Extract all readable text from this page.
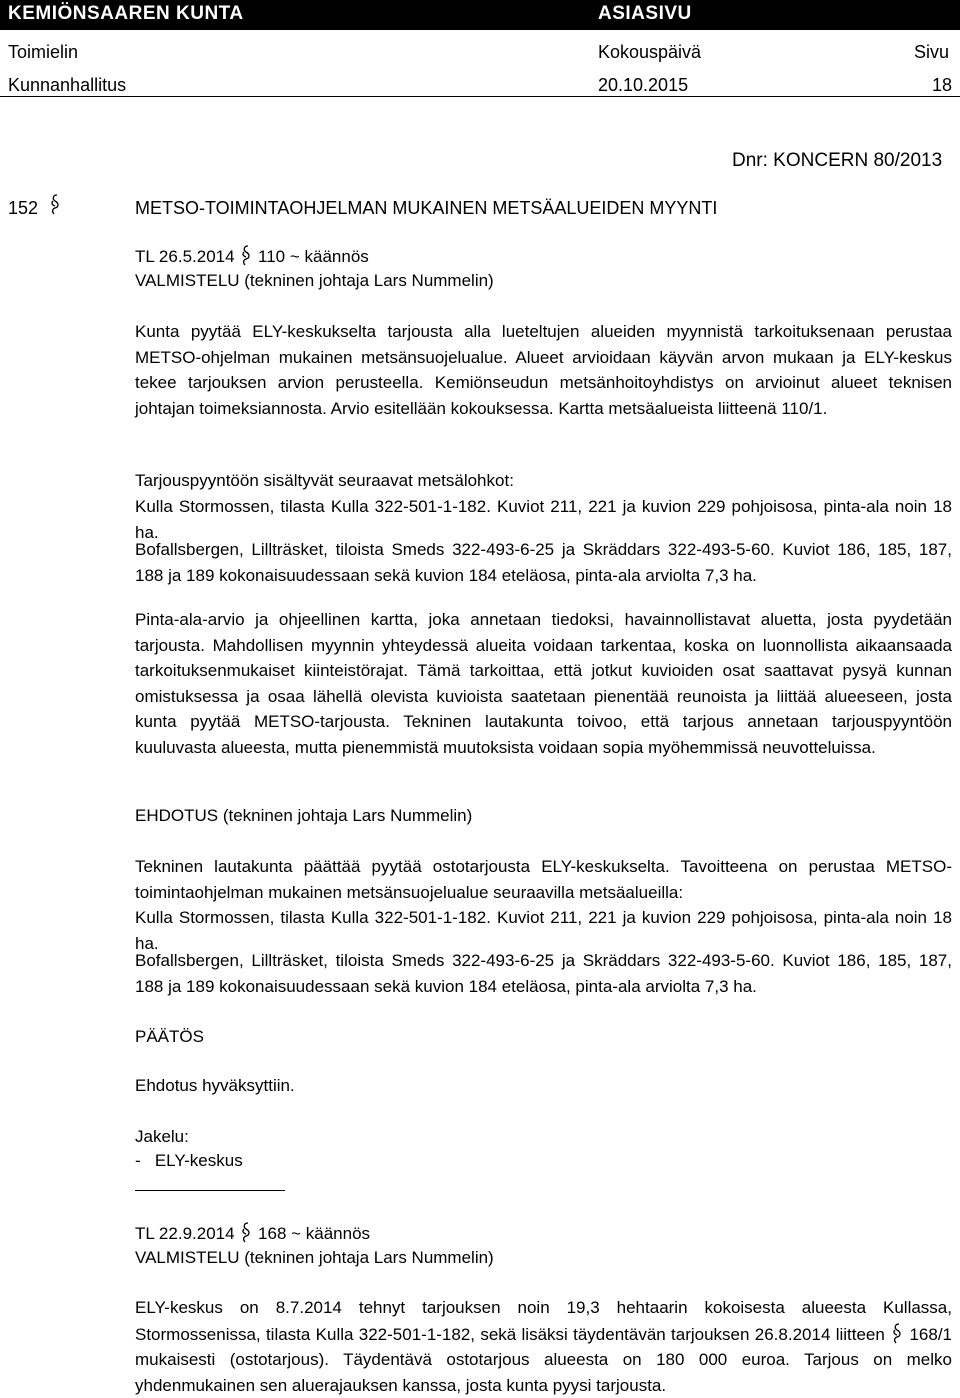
KEMIÖNSAAREN KUNTA	ASIASIVU
Toimielin	Kokouspäivä	Sivu
Kunnanhallitus	20.10.2015	18
Dnr: KONCERN 80/2013
152	METSO-TOIMINTAOHJELMAN MUKAINEN METSÄALUEIDEN MYYNTI
TL 26.5.2014 110 ~ käännös
VALMISTELU (tekninen johtaja Lars Nummelin)

Kunta pyytää ELY-keskukselta tarjousta alla lueteltujen alueiden myynnistä tarkoituksenaan perustaa METSO-ohjelman mukainen metsänsuojelualue. Alueet arvioidaan käyvän arvon mukaan ja ELY-keskus tekee tarjouksen arvion perusteella. Kemiönseudun metsänhoitoyhdistys on arvioinut alueet teknisen johtajan toimeksiannosta. Arvio esitellään kokouksessa. Kartta metsäalueista liitteenä 110/1.

Tarjouspyyntöön sisältyvät seuraavat metsälohkot:

Kulla Stormossen, tilasta Kulla 322-501-1-182. Kuviot 211, 221 ja kuvion 229 pohjoisosa, pinta-ala noin 18 ha.

Bofallsbergen, Lillträsket, tiloista Smeds 322-493-6-25 ja Skräddars 322-493-5-60. Kuviot 186, 185, 187, 188 ja 189 kokonaisuudessaan sekä kuvion 184 eteläosa, pinta-ala arviolta 7,3 ha.

Pinta-ala-arvio ja ohjeellinen kartta, joka annetaan tiedoksi, havainnollistavat aluetta, josta pyydetään tarjousta. Mahdollisen myynnin yhteydessä alueita voidaan tarkentaa, koska on luonnollista aikaansaada tarkoituksenmukaiset kiinteistörajat. Tämä tarkoittaa, että jotkut kuvioiden osat saattavat pysyä kunnan omistuksessa ja osaa lähellä olevista kuvioista saatetaan pienentää reunoista ja liittää alueeseen, josta kunta pyytää METSO-tarjousta. Tekninen lautakunta toivoo, että tarjous annetaan tarjouspyyntöön kuuluvasta alueesta, mutta pienemmistä muutoksista voidaan sopia myöhemmissä neuvotteluissa.

EHDOTUS (tekninen johtaja Lars Nummelin)

Tekninen lautakunta päättää pyytää ostotarjousta ELY-keskukselta. Tavoitteena on perustaa METSO-toimintaohjelman mukainen metsänsuojelualue seuraavilla metsäalueilla:

Kulla Stormossen, tilasta Kulla 322-501-1-182. Kuviot 211, 221 ja kuvion 229 pohjoisosa, pinta-ala noin 18 ha.

Bofallsbergen, Lillträsket, tiloista Smeds 322-493-6-25 ja Skräddars 322-493-5-60. Kuviot 186, 185, 187, 188 ja 189 kokonaisuudessaan sekä kuvion 184 eteläosa, pinta-ala arviolta 7,3 ha.

PÄÄTÖS
Ehdotus hyväksyttiin.
Jakelu:
-   ELY-keskus
TL 22.9.2014 168 ~ käännös
VALMISTELU (tekninen johtaja Lars Nummelin)

ELY-keskus on 8.7.2014 tehnyt tarjouksen noin 19,3 hehtaarin kokoisesta alueesta Kullassa, Stormossenissa, tilasta Kulla 322-501-1-182, sekä lisäksi täydentävän tarjouksen 26.8.2014 liitteen 168/1 mukaisesti (ostotarjous). Täydentävä ostotarjous alueesta on 180 000 euroa. Tarjous on melko yhdenmukainen sen aluerajauksen kanssa, josta kunta pyysi tarjousta.
